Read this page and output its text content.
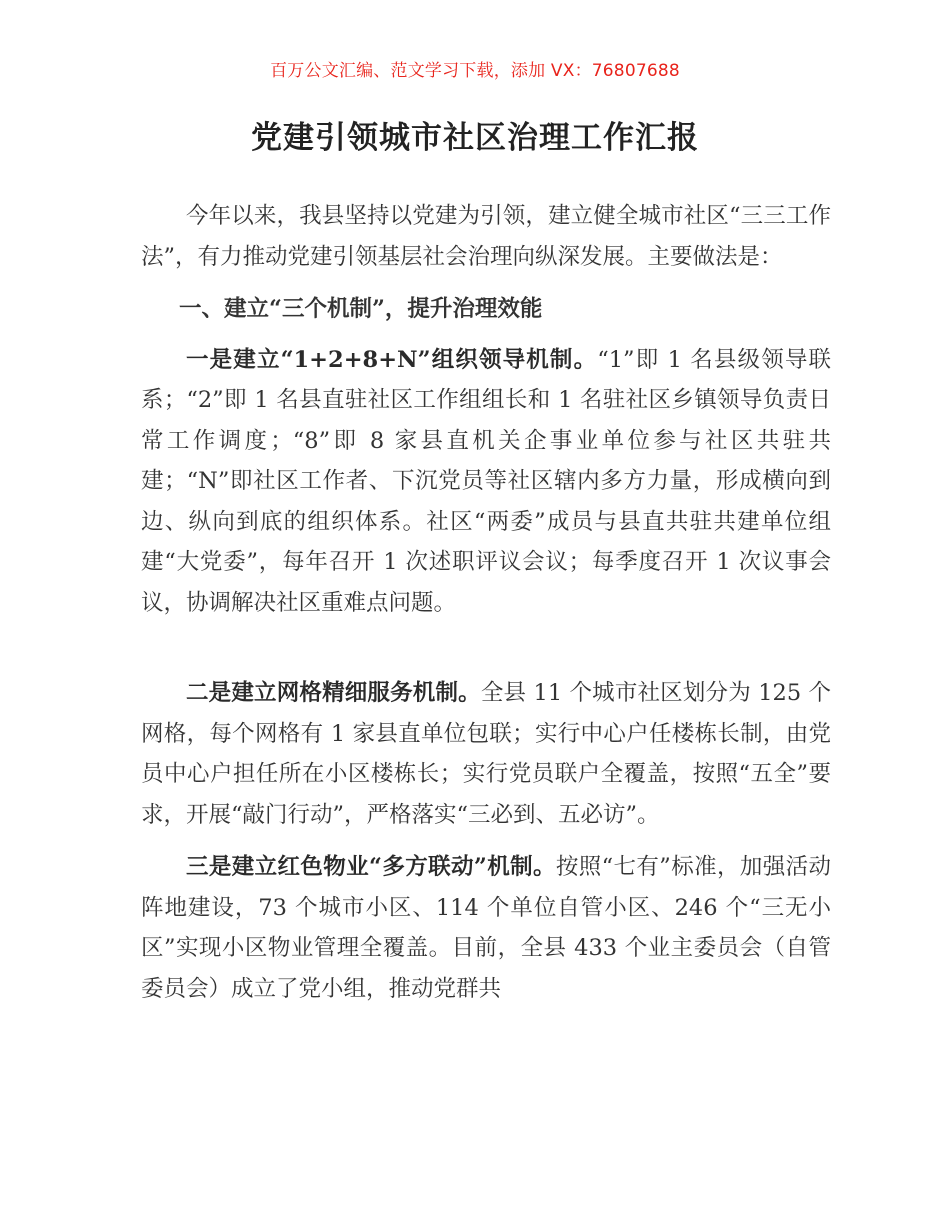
百万公文汇编、范文学习下载，添加 VX：76807688
党建引领城市社区治理工作汇报

今年以来，我县坚持以党建为引领，建立健全城市社区“三三工作法”，有力推动党建引领基层社会治理向纵深发展。主要做法是：

一、建立“三个机制”，提升治理效能

一是建立“1+2+8+N”组织领导机制。“1”即 1 名县级领导联系；“2”即 1 名县直驻社区工作组组长和 1 名驻社区乡镇领导负责日常工作调度；“8”即 8 家县直机关企事业单位参与社区共驻共建；“N”即社区工作者、下沉党员等社区辖内多方力量，形成横向到边、纵向到底的组织体系。社区“两委”成员与县直共驻共建单位组建“大党委”，每年召开 1 次述职评议会议；每季度召开 1 次议事会议，协调解决社区重难点问题。

二是建立网格精细服务机制。全县 11 个城市社区划分为 125 个网格，每个网格有 1 家县直单位包联；实行中心户任楼栋长制，由党员中心户担任所在小区楼栋长；实行党员联户全覆盖，按照“五全”要求，开展“敲门行动”，严格落实“三必到、五必访”。

三是建立红色物业“多方联动”机制。按照“七有”标准，加强活动阵地建设，73 个城市小区、114 个单位自管小区、246 个“三无小区”实现小区物业管理全覆盖。目前，全县 433 个业主委员会（自管委员会）成立了党小组，推动党群共
